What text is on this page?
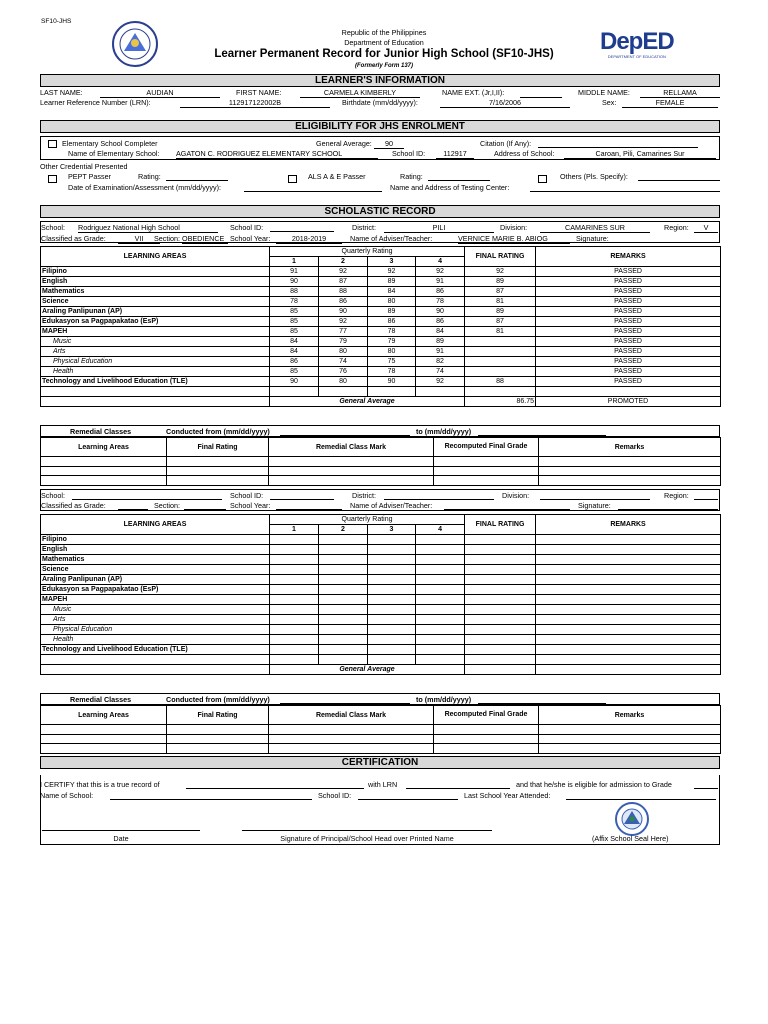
SF10-JHS
Republic of the Philippines
Department of Education
Learner Permanent Record for Junior High School (SF10-JHS)
(Formerly Form 137)
DepED
DEPARTMENT OF EDUCATION
LEARNER'S INFORMATION
LAST NAME:	AUDIAN	FIRST NAME:	CARMELA KIMBERLY	NAME EXT. (Jr,I,II):	MIDDLE NAME:	RELLAMA
Learner Reference Number (LRN):	112917122002B	Birthdate (mm/dd/yyyy):	7/16/2006	Sex:	FEMALE
ELIGIBILITY FOR JHS ENROLMENT
Elementary School Completer	General Average:	90	Citation (If Any):
Name of Elementary School: AGATON C. RODRIGUEZ ELEMENTARY SCHOOL	School ID:	112917	Address of School:	Caroan, Pili, Camarines Sur
Other Credential Presented
PEPT Passer	Rating:	ALS A & E Passer	Rating:	Others (Pls. Specify):
Date of Examination/Assessment (mm/dd/yyyy):	Name and Address of Testing Center:
SCHOLASTIC RECORD
School: Rodriguez National High School	School ID:	District:	PILI	Division:	CAMARINES SUR	Region:	V
Classified as Grade:	VII	Section: OBEDIENCE School Year:	2018-2019	Name of Adviser/Teacher:	VERNICE MARIE B. ABIOG	Signature:
LEARNING AREAS	Quarterly Rating				FINAL RATING	REMARKS
	1	2	3	4		
Filipino	91	92	92	92	92	PASSED
English	90	87	89	91	89	PASSED
Mathematics	88	88	84	86	87	PASSED
Science	78	86	80	78	81	PASSED
Araling Panlipunan (AP)	85	90	89	90	89	PASSED
Edukasyon sa Pagpapakatao (EsP)	85	92	86	86	87	PASSED
MAPEH	85	77	78	84	81	PASSED
Music	84	79	79	89		PASSED
Arts	84	80	80	91		PASSED
Physical Education	86	74	75	82		PASSED
Health	85	76	78	74		PASSED
Technology and Livelihood Education (TLE)	90	80	90	92	88	PASSED

	General Average				86.75	PROMOTED
Remedial Classes	Conducted from (mm/dd/yyyy)	to (mm/dd/yyyy)
Learning Areas	Final Rating	Remedial Class Mark	Recomputed Final Grade	Remarks

School:	School ID:	District:	Division:	Region:
Classified as Grade:	Section:	School Year:	Name of Adviser/Teacher:	Signature:
LEARNING AREAS	Quarterly Rating				FINAL RATING	REMARKS
	1	2	3	4		
Filipino						
English						
Mathematics						
Science						
Araling Panlipunan (AP)						
Edukasyon sa Pagpapakatao (EsP)						
MAPEH						
Music						
Arts						
Physical Education						
Health						
Technology and Livelihood Education (TLE)						

	General Average					
Remedial Classes	Conducted from (mm/dd/yyyy)	to (mm/dd/yyyy)
Learning Areas	Final Rating	Remedial Class Mark	Recomputed Final Grade	Remarks

CERTIFICATION
I CERTIFY that this is a true record of	with LRN	and that he/she is eligible for admission to Grade
Name of School:	School ID:	Last School Year Attended:
Date	Signature of Principal/School Head over Printed Name	(Affix School Seal Here)
